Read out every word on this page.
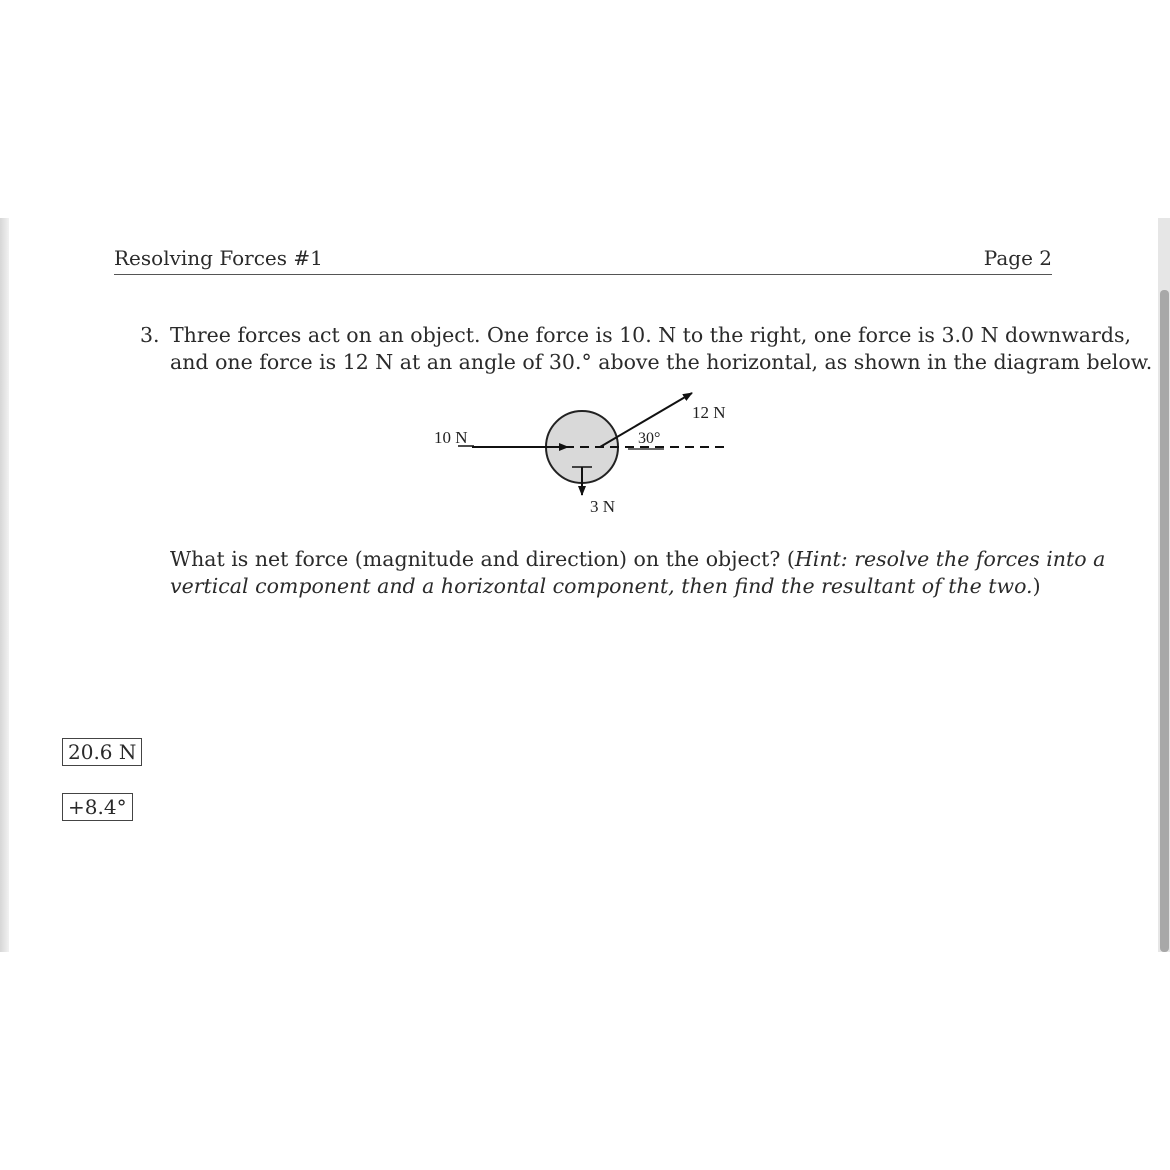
Resolving Forces #1	Page 2
3. Three forces act on an object. One force is 10. N to the right, one force is 3.0 N downwards,
and one force is 12 N at an angle of 30.° above the horizontal, as shown in the diagram below.
10 N
12 N
30°
3 N
What is net force (magnitude and direction) on the object? (Hint: resolve the forces into a
vertical component and a horizontal component, then find the resultant of the two.)
20.6 N
+8.4°
